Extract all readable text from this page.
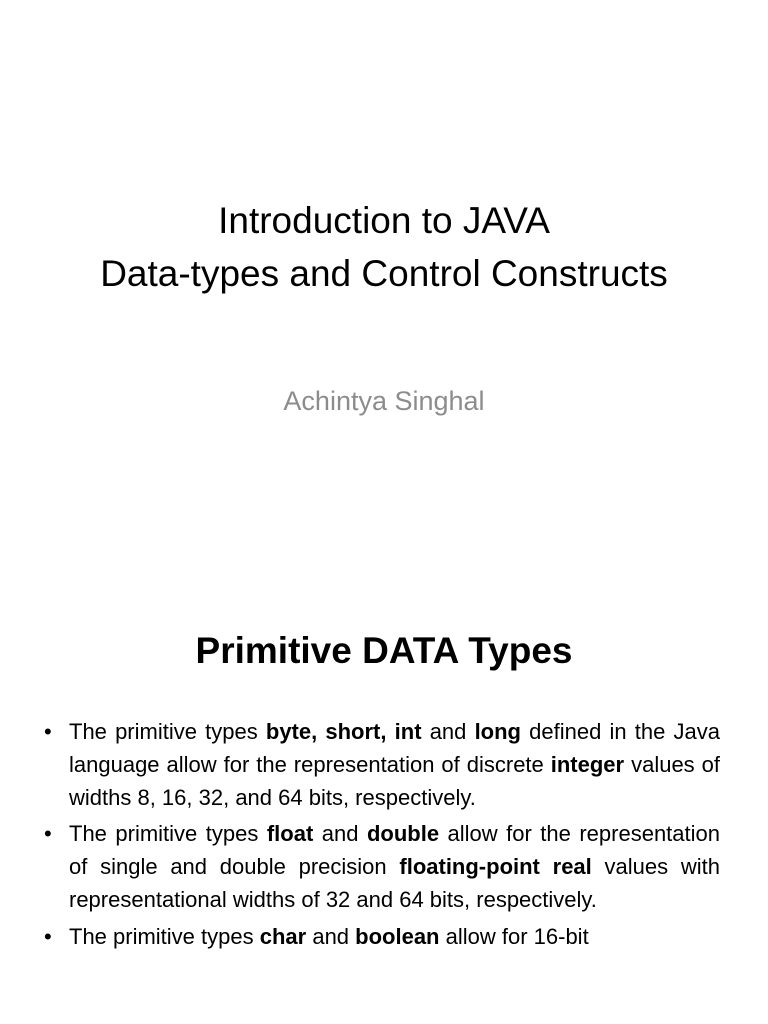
Introduction to JAVA
Data-types and Control Constructs
Achintya Singhal
Primitive DATA Types
• The primitive types byte, short, int and long defined in the Java language allow for the representation of discrete integer values of widths 8, 16, 32, and 64 bits, respectively.
• The primitive types float and double allow for the representation of single and double precision floating-point real values with representational widths of 32 and 64 bits, respectively.
• The primitive types char and boolean allow for 16-bit
